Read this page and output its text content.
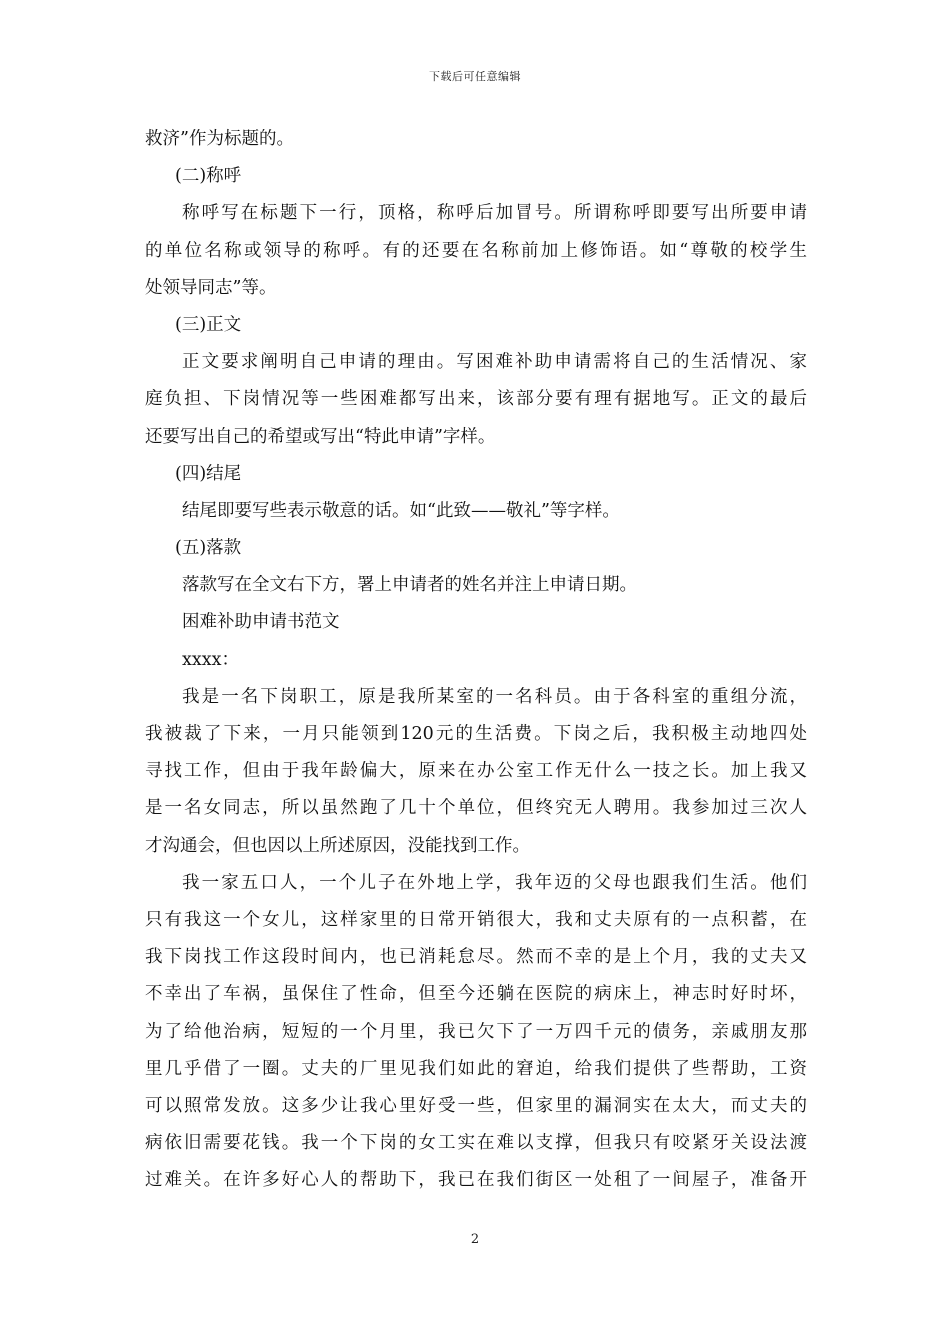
下载后可任意编辑
救济”作为标题的。
(二)称呼
称呼写在标题下一行，顶格，称呼后加冒号。所谓称呼即要写出所要申请
的单位名称或领导的称呼。有的还要在名称前加上修饰语。如“尊敬的校学生
处领导同志”等。
(三)正文
正文要求阐明自己申请的理由。写困难补助申请需将自己的生活情况、家
庭负担、下岗情况等一些困难都写出来，该部分要有理有据地写。正文的最后
还要写出自己的希望或写出“特此申请”字样。
(四)结尾
结尾即要写些表示敬意的话。如“此致——敬礼”等字样。
(五)落款
落款写在全文右下方，署上申请者的姓名并注上申请日期。
困难补助申请书范文
xxxx：
我是一名下岗职工，原是我所某室的一名科员。由于各科室的重组分流，
我被裁了下来，一月只能领到120元的生活费。下岗之后，我积极主动地四处
寻找工作，但由于我年龄偏大，原来在办公室工作无什么一技之长。加上我又
是一名女同志，所以虽然跑了几十个单位，但终究无人聘用。我参加过三次人
才沟通会，但也因以上所述原因，没能找到工作。
我一家五口人，一个儿子在外地上学，我年迈的父母也跟我们生活。他们
只有我这一个女儿，这样家里的日常开销很大，我和丈夫原有的一点积蓄，在
我下岗找工作这段时间内，也已消耗怠尽。然而不幸的是上个月，我的丈夫又
不幸出了车祸，虽保住了性命，但至今还躺在医院的病床上，神志时好时坏，
为了给他治病，短短的一个月里，我已欠下了一万四千元的债务，亲戚朋友那
里几乎借了一圈。丈夫的厂里见我们如此的窘迫，给我们提供了些帮助，工资
可以照常发放。这多少让我心里好受一些，但家里的漏洞实在太大，而丈夫的
病依旧需要花钱。我一个下岗的女工实在难以支撑，但我只有咬紧牙关设法渡
过难关。在许多好心人的帮助下，我已在我们街区一处租了一间屋子，准备开
2
